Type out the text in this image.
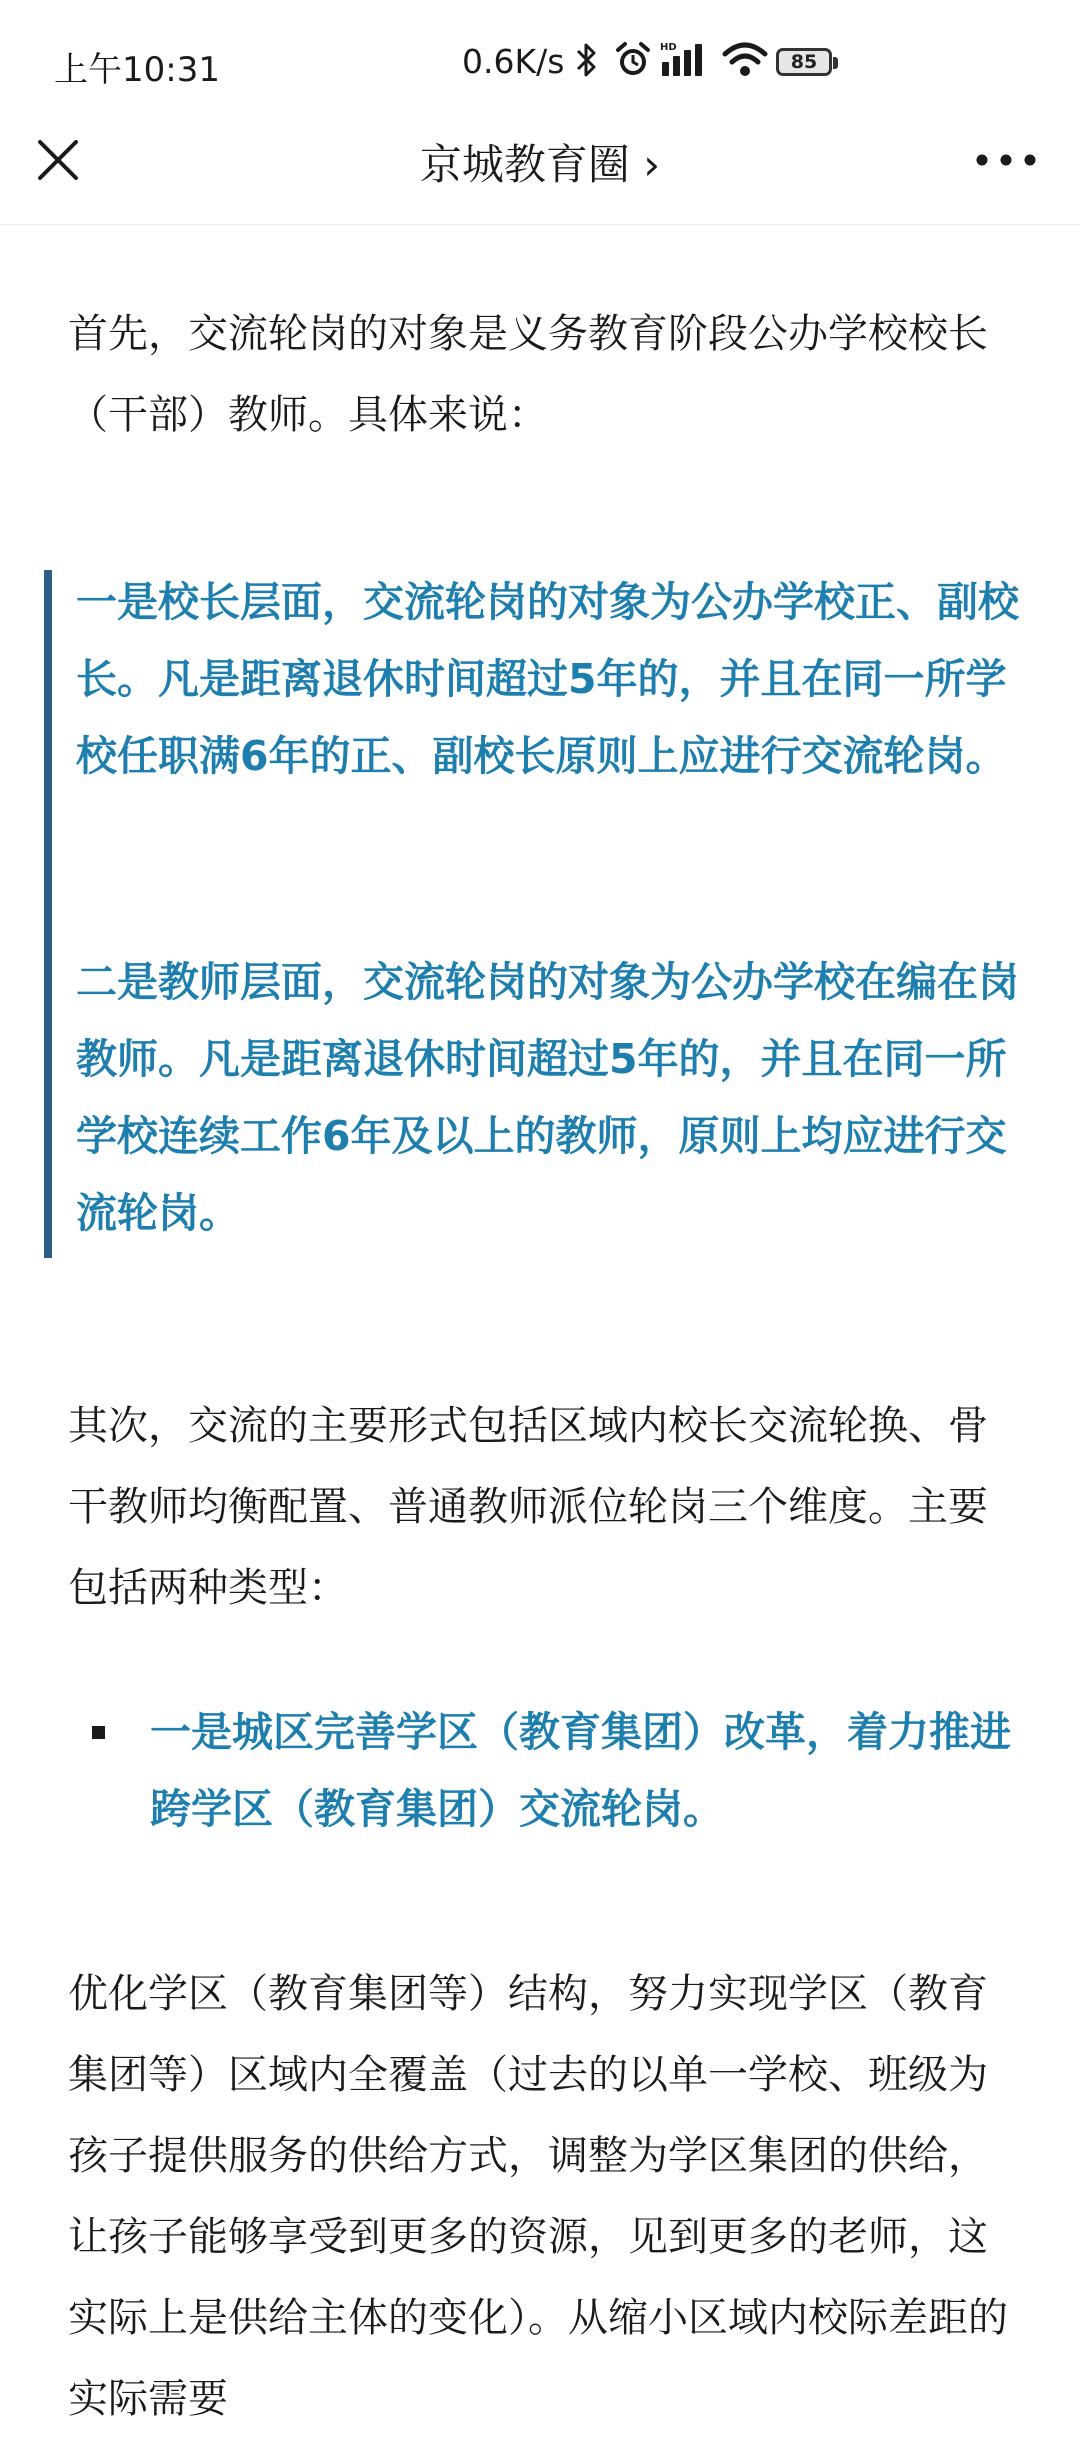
上午10:31	0.6K/s	HD
85
京城教育圈 ›

首先，交流轮岗的对象是义务教育阶段公办学校校长（干部）教师。具体来说：

一是校长层面，交流轮岗的对象为公办学校正、副校长。凡是距离退休时间超过5年的，并且在同一所学校任职满6年的正、副校长原则上应进行交流轮岗。

二是教师层面，交流轮岗的对象为公办学校在编在岗教师。凡是距离退休时间超过5年的，并且在同一所学校连续工作6年及以上的教师，原则上均应进行交流轮岗。

其次，交流的主要形式包括区域内校长交流轮换、骨干教师均衡配置、普通教师派位轮岗三个维度。主要包括两种类型：

一是城区完善学区（教育集团）改革，着力推进跨学区（教育集团）交流轮岗。

优化学区（教育集团等）结构，努力实现学区（教育集团等）区域内全覆盖（过去的以单一学校、班级为孩子提供服务的供给方式，调整为学区集团的供给，让孩子能够享受到更多的资源，见到更多的老师，这实际上是供给主体的变化）。从缩小区域内校际差距的实际需要
